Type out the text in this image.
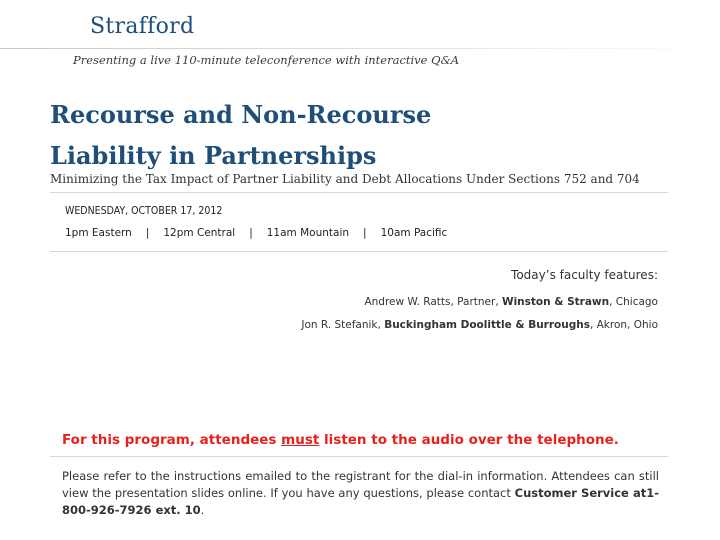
Strafford
Presenting a live 110-minute teleconference with interactive Q&A
Recourse and Non-Recourse
Liability in Partnerships
Minimizing the Tax Impact of Partner Liability and Debt Allocations Under Sections 752 and 704
WEDNESDAY, OCTOBER 17, 2012
1pm Eastern | 12pm Central | 11am Mountain | 10am Pacific
Today’s faculty features:
Andrew W. Ratts, Partner, Winston & Strawn, Chicago
Jon R. Stefanik, Buckingham Doolittle & Burroughs, Akron, Ohio
For this program, attendees must listen to the audio over the telephone.
Please refer to the instructions emailed to the registrant for the dial-in information. Attendees can still view the presentation slides online. If you have any questions, please contact Customer Service at1-800-926-7926 ext. 10.
